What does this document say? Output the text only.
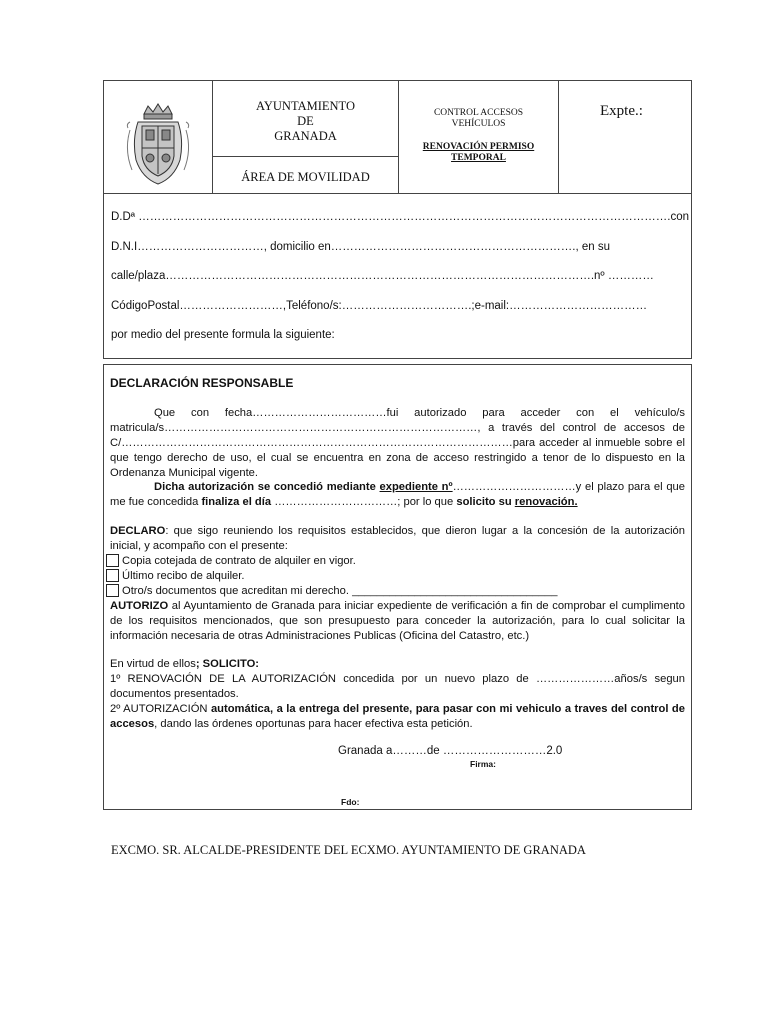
AYUNTAMIENTO
DE
GRANADA
ÁREA DE MOVILIDAD
CONTROL ACCESOS
VEHÍCULOS
RENOVACIÓN PERMISO
TEMPORAL
Expte.:
D.Dª ………………………………………………………………………………………………………………………….con
D.N.I……………………………, domicilio en………………………………………………………., en su
calle/plaza………………………………………………………………………………………………….nº …………
CódigoPostal………………………,Teléfono/s:…………………………….;e-mail:………………………………
por medio del presente formula la siguiente:
DECLARACIÓN RESPONSABLE
Que con fecha………………………………fui autorizado para acceder con el vehículo/s matricula/s…………………………………………………………………………, a través del control de accesos de C/……………………………………………………………………………………………para acceder al inmueble sobre el que tengo derecho de uso, el cual se encuentra en zona de acceso restringido a tenor de lo dispuesto en la Ordenanza Municipal vigente.
Dicha autorización se concedió mediante expediente nº……………………………y el plazo para el que me fue concedida finaliza el día ……………………………; por lo que solicito su renovación.
DECLARO: que sigo reuniendo los requisitos establecidos, que dieron lugar a la concesión de la autorización inicial, y acompaño con el presente:
Copia cotejada de contrato de alquiler en vigor.
Último recibo de alquiler.
Otro/s documentos que acreditan mi derecho. _________________________________
AUTORIZO al Ayuntamiento de Granada para iniciar expediente de verificación a fin de comprobar el cumplimento de los requisitos mencionados, que son presupuesto para conceder la autorización, para lo cual solicitar la información necesaria de otras Administraciones Publicas (Oficina del Catastro, etc.)
En virtud de ellos; SOLICITO:
1º RENOVACIÓN DE LA AUTORIZACIÓN concedida por un nuevo plazo de …………………años/s segun documentos presentados.
2º AUTORIZACIÓN automática, a la entrega del presente, para pasar con mi vehiculo a traves del control de accesos, dando las órdenes oportunas para hacer efectiva esta petición.
Granada a………de ………………………2.0
Firma:
Fdo:
EXCMO. SR. ALCALDE-PRESIDENTE DEL ECXMO. AYUNTAMIENTO DE GRANADA
